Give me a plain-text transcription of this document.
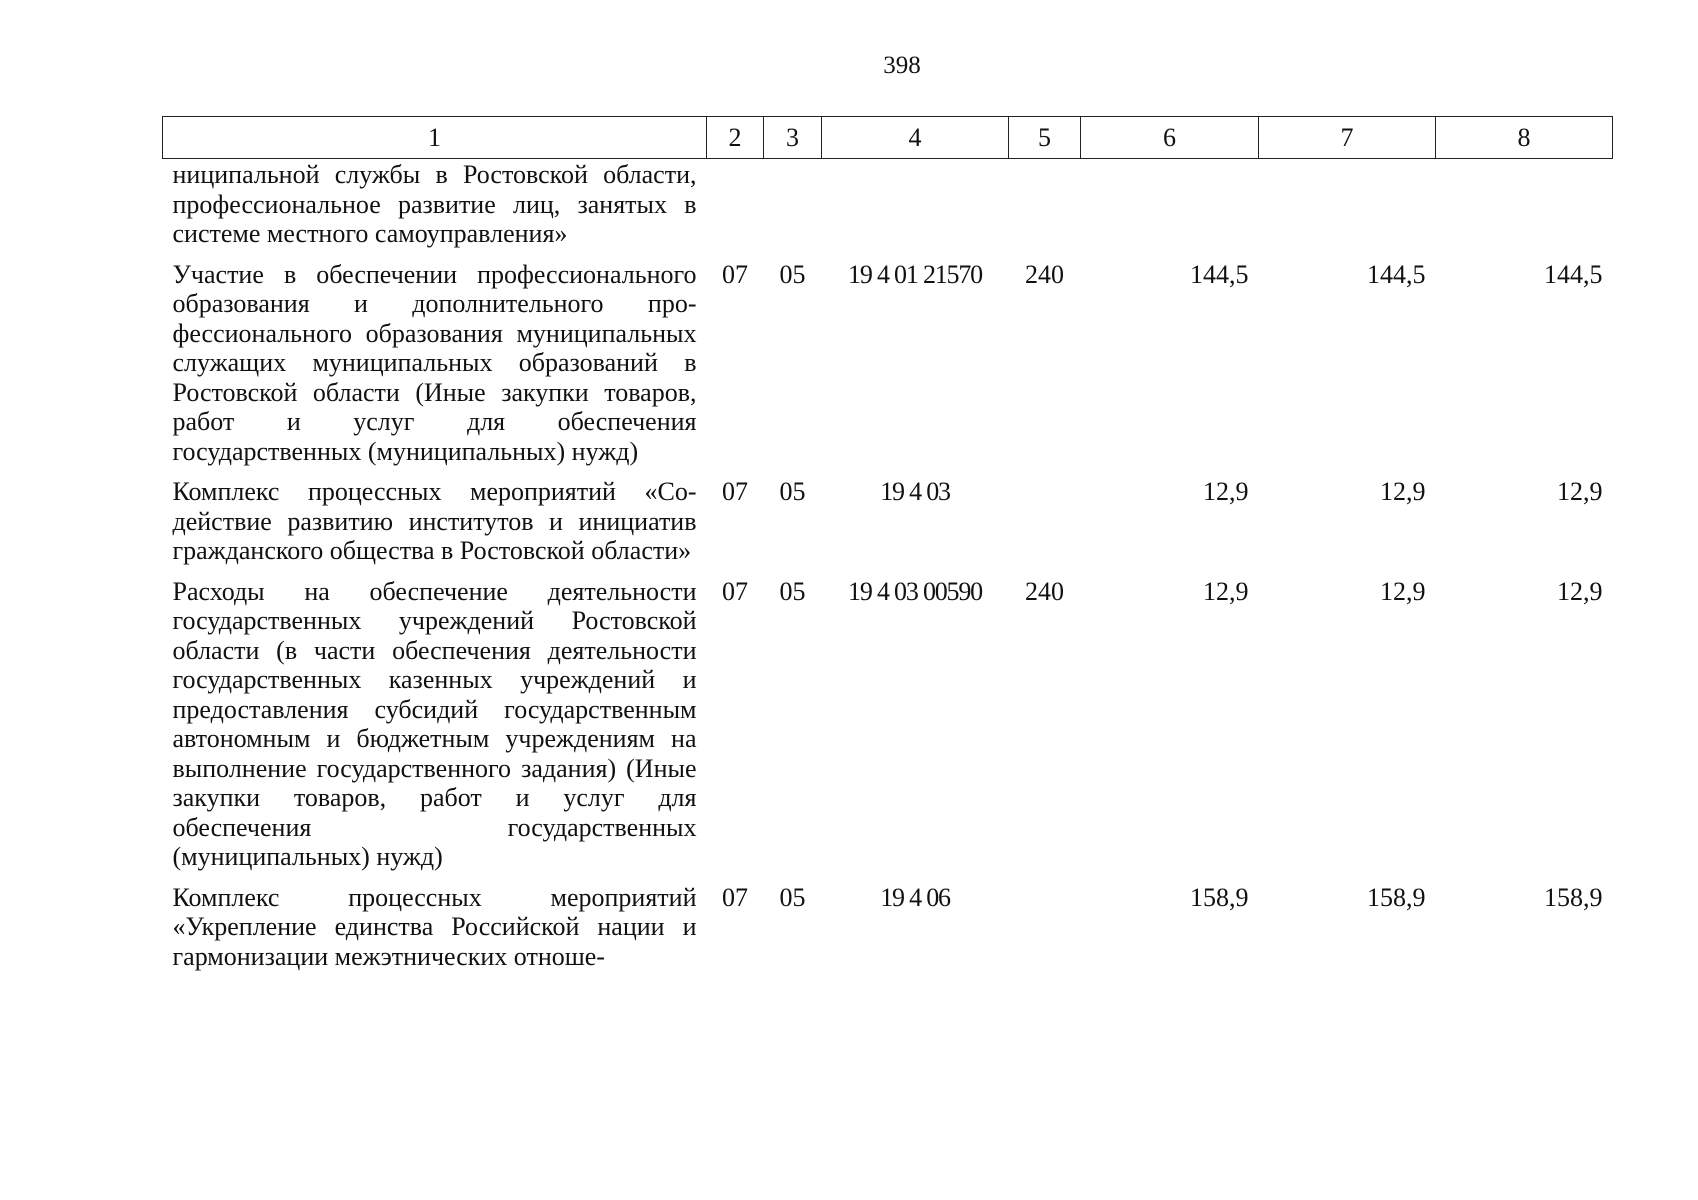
398
1	2	3	4	5	6	7	8
ниципальной службы в Ростовской области, профессиональное развитие лиц, занятых в системе местного самоуправления»							
Участие в обеспечении профессионального образования и дополнительного профессионального образования муниципальных служащих муниципальных образований в Ростовской области (Иные закупки товаров, работ и услуг для обеспечения государственных (муниципальных) нужд)	07	05	19 4 01 21570	240	144,5	144,5	144,5
Комплекс процессных мероприятий «Содействие развитию институтов и инициатив гражданского общества в Ростовской области»	07	05	19 4 03		12,9	12,9	12,9
Расходы на обеспечение деятельности государственных учреждений Ростовской области (в части обеспечения деятельности государственных казенных учреждений и предоставления субсидий государственным автономным и бюджетным учреждениям на выполнение государственного задания) (Иные закупки товаров, работ и услуг для обеспечения государственных (муниципальных) нужд)	07	05	19 4 03 00590	240	12,9	12,9	12,9
Комплекс процессных мероприятий «Укрепление единства Российской нации и гармонизации межэтнических отноше-	07	05	19 4 06		158,9	158,9	158,9
